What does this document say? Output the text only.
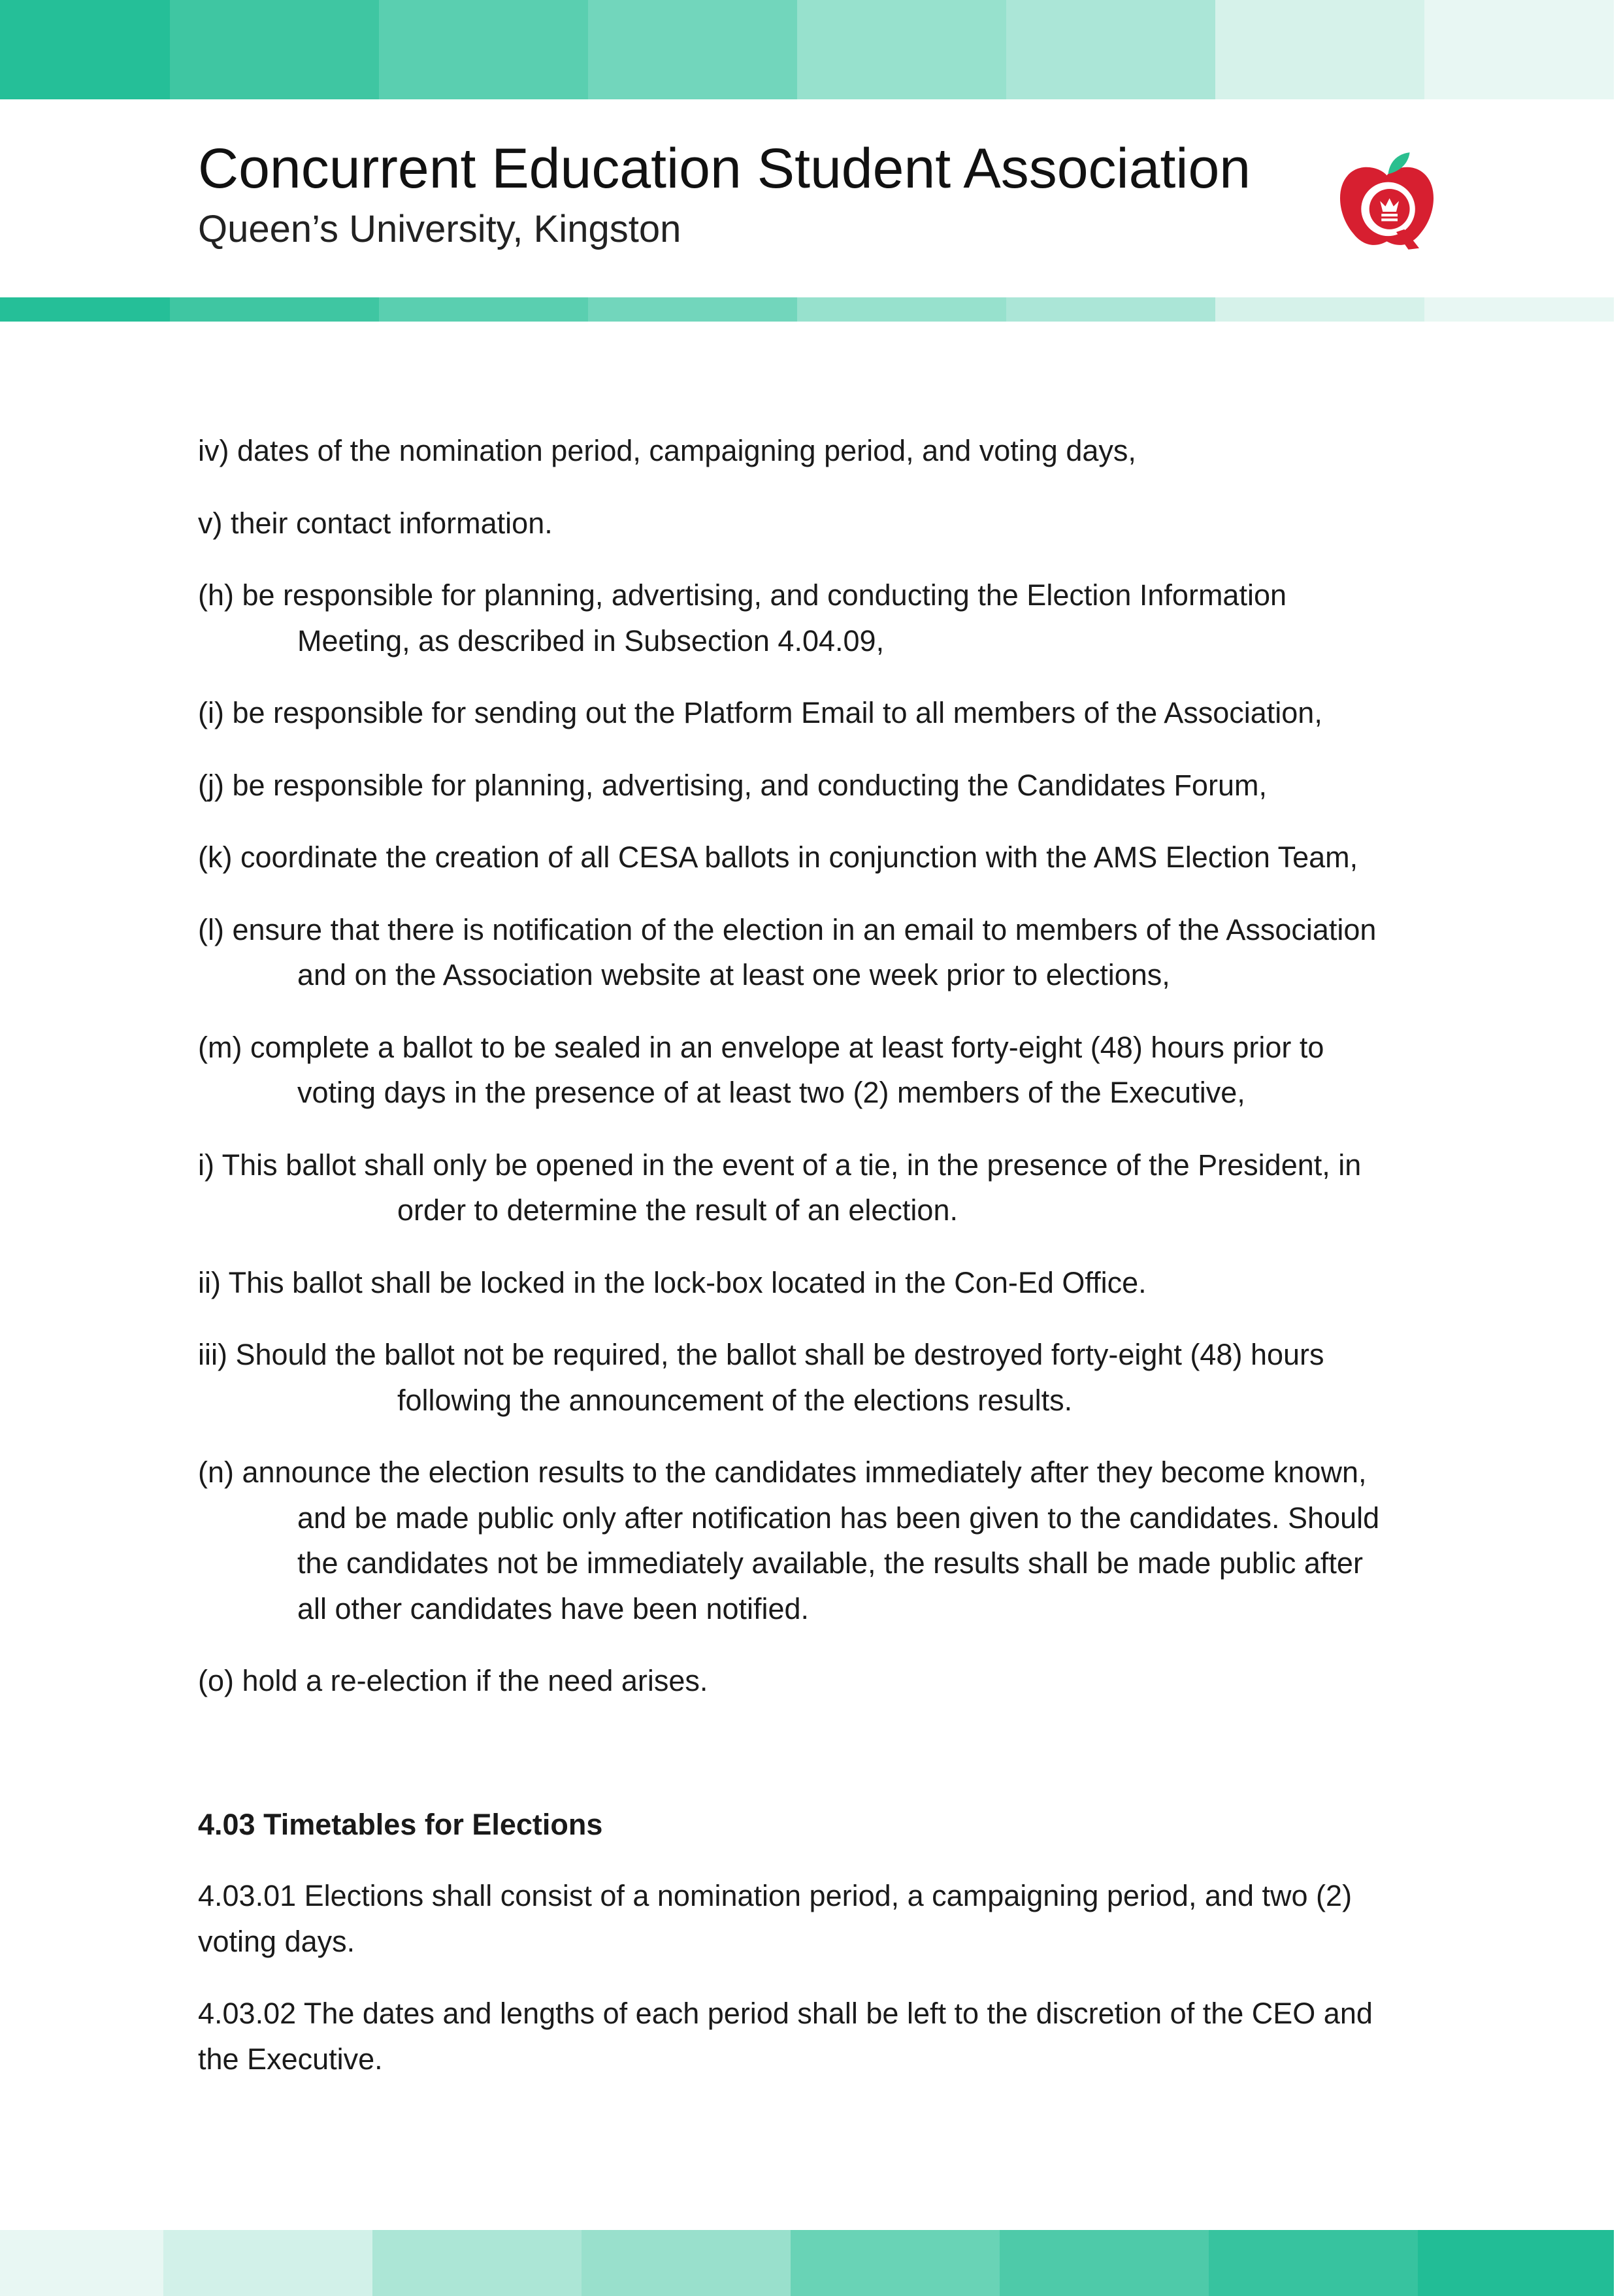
Concurrent Education Student Association
Queen’s University, Kingston

iv) dates of the nomination period, campaigning period, and voting days,

v) their contact information.

(h) be responsible for planning, advertising, and conducting the Election Information
Meeting, as described in Subsection 4.04.09,

(i) be responsible for sending out the Platform Email to all members of the Association,

(j) be responsible for planning, advertising, and conducting the Candidates Forum,

(k) coordinate the creation of all CESA ballots in conjunction with the AMS Election Team,

(l) ensure that there is notification of the election in an email to members of the Association
and on the Association website at least one week prior to elections,

(m) complete a ballot to be sealed in an envelope at least forty-eight (48) hours prior to
voting days in the presence of at least two (2) members of the Executive,

i) This ballot shall only be opened in the event of a tie, in the presence of the President, in
order to determine the result of an election.

ii) This ballot shall be locked in the lock-box located in the Con-Ed Office.

iii) Should the ballot not be required, the ballot shall be destroyed forty-eight (48) hours
following the announcement of the elections results.

(n) announce the election results to the candidates immediately after they become known,
and be made public only after notification has been given to the candidates. Should
the candidates not be immediately available, the results shall be made public after
all other candidates have been notified.

(o) hold a re-election if the need arises.

4.03 Timetables for Elections

4.03.01 Elections shall consist of a nomination period, a campaigning period, and two (2)
voting days.

4.03.02 The dates and lengths of each period shall be left to the discretion of the CEO and
the Executive.
